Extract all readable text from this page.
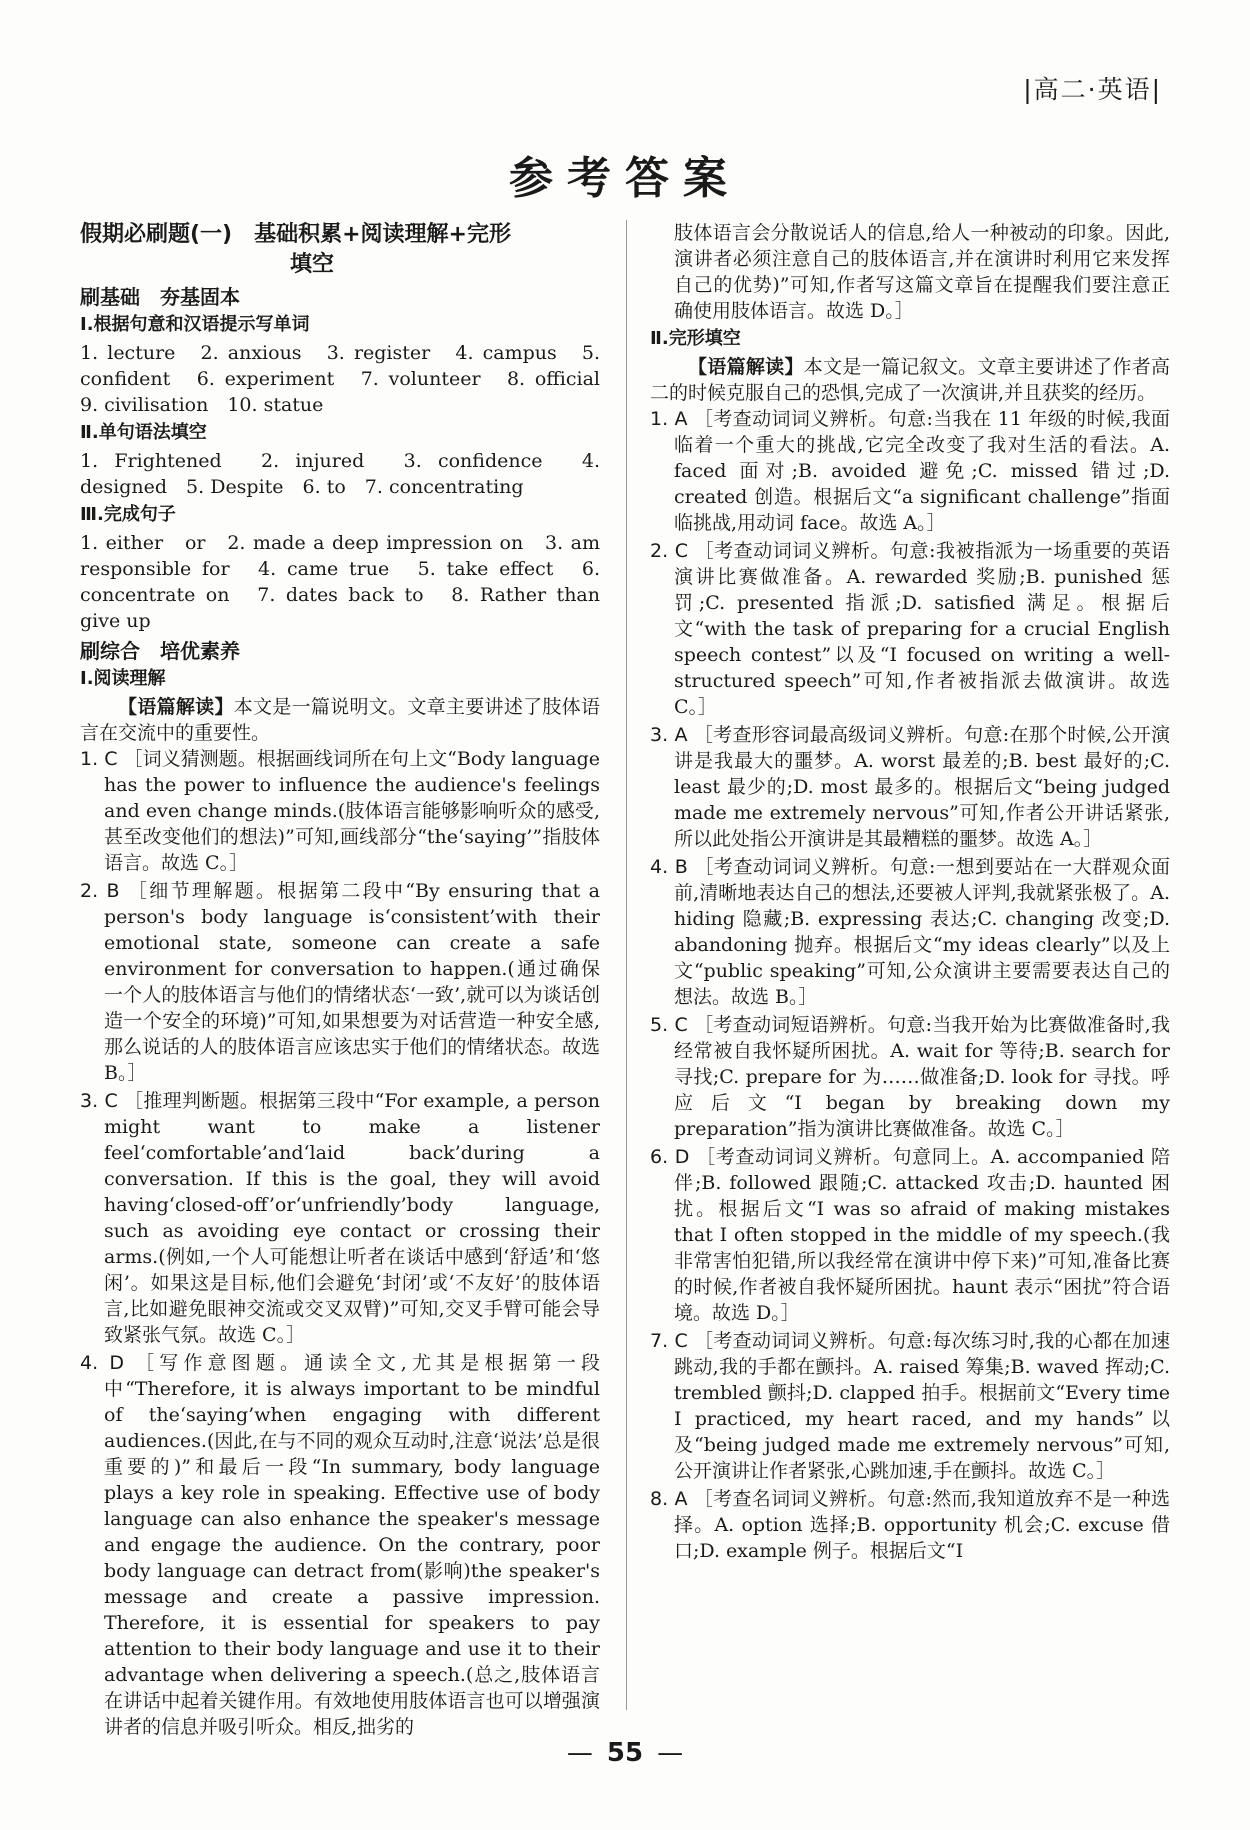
|高二·英语|
参考答案
假期必刷题(一)　基础积累+阅读理解+完形
填空
刷基础　夯基固本
Ⅰ.根据句意和汉语提示写单词

1. lecture　2. anxious　3. register　4. campus　5. confident　6. experiment　7. volunteer　8. official　9. civilisation　10. statue

Ⅱ.单句语法填空

1. Frightened　2. injured　3. confidence　4. designed　5. Despite　6. to　7. concentrating

Ⅲ.完成句子

1. either　or　2. made a deep impression on　3. am responsible for　4. came true　5. take effect　6. concentrate on　7. dates back to　8. Rather than give up

刷综合　培优素养
Ⅰ.阅读理解

【语篇解读】本文是一篇说明文。文章主要讲述了肢体语言在交流中的重要性。

1. C ［词义猜测题。根据画线词所在句上文“Body language has the power to influence the audience's feelings and even change minds.(肢体语言能够影响听众的感受,甚至改变他们的想法)”可知,画线部分“the‘saying’”指肢体语言。故选 C。］
2. B ［细节理解题。根据第二段中“By ensuring that a person's body language is‘consistent’with their emotional state, someone can create a safe environment for conversation to happen.(通过确保一个人的肢体语言与他们的情绪状态‘一致’,就可以为谈话创造一个安全的环境)”可知,如果想要为对话营造一种安全感,那么说话的人的肢体语言应该忠实于他们的情绪状态。故选 B。］
3. C ［推理判断题。根据第三段中“For example, a person might want to make a listener feel‘comfortable’and‘laid back’during a conversation. If this is the goal, they will avoid having‘closed-off’or‘unfriendly’body language, such as avoiding eye contact or crossing their arms.(例如,一个人可能想让听者在谈话中感到‘舒适’和‘悠闲’。如果这是目标,他们会避免‘封闭’或‘不友好’的肢体语言,比如避免眼神交流或交叉双臂)”可知,交叉手臂可能会导致紧张气氛。故选 C。］
4. D ［写作意图题。通读全文,尤其是根据第一段中“Therefore, it is always important to be mindful of the‘saying’when engaging with different audiences.(因此,在与不同的观众互动时,注意‘说法’总是很重要的)”和最后一段“In summary, body language plays a key role in speaking. Effective use of body language can also enhance the speaker's message and engage the audience. On the contrary, poor body language can detract from(影响)the speaker's message and create a passive impression. Therefore, it is essential for speakers to pay attention to their body language and use it to their advantage when delivering a speech.(总之,肢体语言在讲话中起着关键作用。有效地使用肢体语言也可以增强演讲者的信息并吸引听众。相反,拙劣的

肢体语言会分散说话人的信息,给人一种被动的印象。因此,演讲者必须注意自己的肢体语言,并在演讲时利用它来发挥自己的优势)”可知,作者写这篇文章旨在提醒我们要注意正确使用肢体语言。故选 D。］

Ⅱ.完形填空

【语篇解读】本文是一篇记叙文。文章主要讲述了作者高二的时候克服自己的恐惧,完成了一次演讲,并且获奖的经历。

1. A ［考查动词词义辨析。句意:当我在 11 年级的时候,我面临着一个重大的挑战,它完全改变了我对生活的看法。A. faced 面对;B. avoided 避免;C. missed 错过;D. created 创造。根据后文“a significant challenge”指面临挑战,用动词 face。故选 A。］
2. C ［考查动词词义辨析。句意:我被指派为一场重要的英语演讲比赛做准备。A. rewarded 奖励;B. punished 惩罚;C. presented 指派;D. satisfied 满足。根据后文“with the task of preparing for a crucial English speech contest”以及“I focused on writing a well-structured speech”可知,作者被指派去做演讲。故选 C。］
3. A ［考查形容词最高级词义辨析。句意:在那个时候,公开演讲是我最大的噩梦。A. worst 最差的;B. best 最好的;C. least 最少的;D. most 最多的。根据后文“being judged made me extremely nervous”可知,作者公开讲话紧张,所以此处指公开演讲是其最糟糕的噩梦。故选 A。］
4. B ［考查动词词义辨析。句意:一想到要站在一大群观众面前,清晰地表达自己的想法,还要被人评判,我就紧张极了。A. hiding 隐藏;B. expressing 表达;C. changing 改变;D. abandoning 抛弃。根据后文“my ideas clearly”以及上文“public speaking”可知,公众演讲主要需要表达自己的想法。故选 B。］
5. C ［考查动词短语辨析。句意:当我开始为比赛做准备时,我经常被自我怀疑所困扰。A. wait for 等待;B. search for 寻找;C. prepare for 为……做准备;D. look for 寻找。呼应后文“I began by breaking down my preparation”指为演讲比赛做准备。故选 C。］
6. D ［考查动词词义辨析。句意同上。A. accompanied 陪伴;B. followed 跟随;C. attacked 攻击;D. haunted 困扰。根据后文“I was so afraid of making mistakes that I often stopped in the middle of my speech.(我非常害怕犯错,所以我经常在演讲中停下来)”可知,准备比赛的时候,作者被自我怀疑所困扰。haunt 表示“困扰”符合语境。故选 D。］
7. C ［考查动词词义辨析。句意:每次练习时,我的心都在加速跳动,我的手都在颤抖。A. raised 筹集;B. waved 挥动;C. trembled 颤抖;D. clapped 拍手。根据前文“Every time I practiced, my heart raced, and my hands”以及“being judged made me extremely nervous”可知,公开演讲让作者紧张,心跳加速,手在颤抖。故选 C。］
8. A ［考查名词词义辨析。句意:然而,我知道放弃不是一种选择。A. option 选择;B. opportunity 机会;C. excuse 借口;D. example 例子。根据后文“I
— 55 —
